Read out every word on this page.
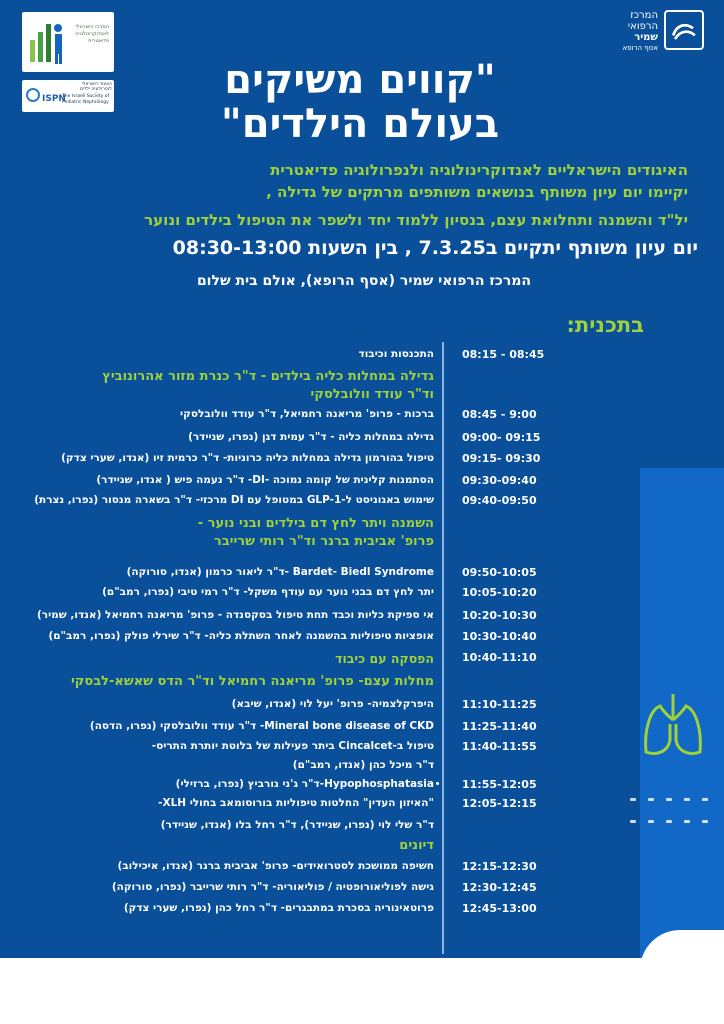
המרכז הישראלי לאנדוקרינולוגיה פדיאטרית
ISPN
האיגוד הישראלי לנפרולוגיה ילדים
The Israeli Society of Pediatric Nephrology
המרכז
הרפואי
שמיר
אסף הרופא
"קווים משיקים
בעולם הילדים"
האיגודים הישראליים לאנדוקרינולוגיה ולנפרולוגיה פדיאטרית
יקיימו יום עיון משותף בנושאים משותפים מרתקים של גדילה ,
יל"ד והשמנה ותחלואת עצם, בנסיון ללמוד יחד ולשפר את הטיפול בילדים ונוער
יום עיון משותף יתקיים ב7.3.25 , בין השעות 08:30-13:00
המרכז הרפואי שמיר (אסף הרופא), אולם בית שלום
בתכנית:
08:15 - 08:45
התכנסות וכיבוד
גדילה במחלות כליה בילדים - ד"ר כנרת מזור אהרונוביץ
וד"ר עודד וולובלסקי
08:45 - 9:00
ברכות - פרופ' מריאנה רחמיאל, ד"ר עודד וולובלסקי
09:00- 09:15
גדילה במחלות כליה - ד"ר עמית דגן (נפרו, שניידר)
09:15- 09:30
טיפול בהורמון גדילה במחלות כליה כרוניות- ד"ר כרמית זיו (אנדו, שערי צדק)
09:30-09:40
הסתמנות קלינית של קומה נמוכה -DI- ד"ר נעמה פיש ( אנדו, שניידר)
09:40-09:50
שימוש באגוניסט ל-GLP-1 במטופל עם DI מרכזי- ד"ר בשארה מנסור (נפרו, נצרת)
השמנה ויתר לחץ דם בילדים ובני נוער -
פרופ' אביבית ברנר וד"ר רותי שרייבר
09:50-10:05
Bardet- Biedl Syndrome -ד"ר ליאור כרמון (אנדו, סורוקה)
10:05-10:20
יתר לחץ דם בבני נוער עם עודף משקל- ד"ר רמי טיבי (נפרו, רמב"ם)
10:20-10:30
אי ספיקת כליות וכבד תחת טיפול בסקסנדה - פרופ' מריאנה רחמיאל (אנדו, שמיר)
10:30-10:40
אופציות טיפוליות בהשמנה לאחר השתלת כליה- ד"ר שירלי פולק (נפרו, רמב"ם)
10:40-11:10
הפסקה עם כיבוד
מחלות עצם- פרופ' מריאנה רחמיאל וד"ר הדס שאשא-לבסקי
11:10-11:25
היפרקלצמיה- פרופ' יעל לוי (אנדו, שיבא)
11:25-11:40
Mineral bone disease of CKD- ד"ר עודד וולובלסקי (נפרו, הדסה)
11:40-11:55
טיפול ב-Cincalcet ביתר פעילות של בלוטת יותרת התריס-
ד"ר מיכל כהן (אנדו, רמב"ם)
11:55-12:05
Hypophosphatasia-ד"ר ג'ני גורביץ (נפרו, ברזילי)
12:05-12:15
"האיזון העדין" החלטות טיפוליות בורוסומאב בחולי XLH-
ד"ר שלי לוי (נפרו, שניידר), ד"ר רחל בלו (אנדו, שניידר)
דיונים
12:15-12:30
חשיפה ממושכת לסטרואידים- פרופ' אביבית ברנר (אנדו, איכילוב)
12:30-12:45
גישה לפוליאורופטיה / פוליאוריה- ד"ר רותי שרייבר (נפרו, סורוקה)
12:45-13:00
פרוטאינוריה בסכרת במתבגרים- ד"ר רחל כהן (נפרו, שערי צדק)
